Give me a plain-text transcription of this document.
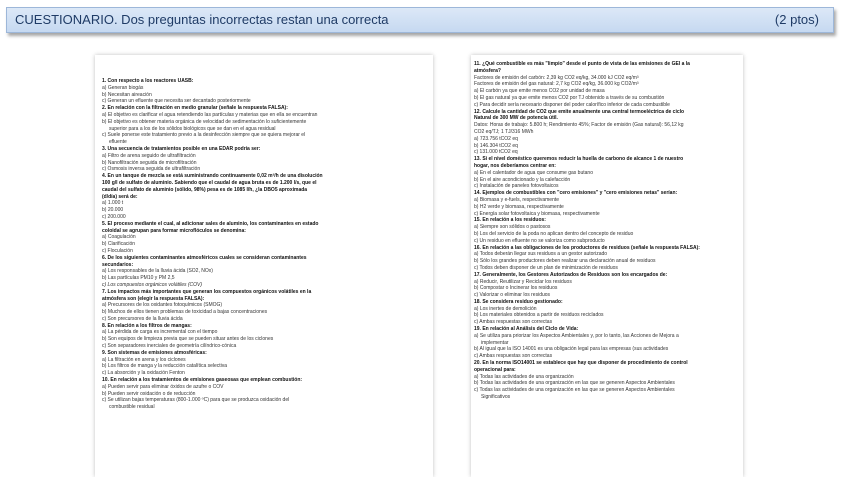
CUESTIONARIO. Dos preguntas incorrectas restan una correcta	(2 ptos)
1. Con respecto a los reactores UASB:
a) Generan biogás
b) Necesitan aireación
c) Generan un efluente que necesita ser decantado posteriormente
2. En relación con la filtración en medio granular (señale la respuesta FALSA):
a) El objetivo es clarificar el agua retendiendo las partículas y materias que en ella se encuentran
b) El objetivo es obtener materia orgánica de velocidad de sedimentación lo suficientemente
superior para a los de los sólidos biológicos que se dan en el agua residual
c) Suele ponerse este tratamiento previo a la desinfección siempre que se quiera mejorar el
efluente
3. Una secuencia de tratamientos posible en una EDAR podría ser:
a) Filtro de arena seguido de ultrafiltración
b) Nanofiltración seguida de microfiltración
c) Ósmosis inversa seguida de ultrafiltración
4. En un tanque de mezcla se está suministrando continuamente 0,02 m³/h de una disolución
100 g/l de sulfato de aluminio. Sabiendo que el caudal de agua bruta es de 1.200 l/s, que el
caudal del sulfato de aluminio (sólido, 98%) pesa es de 1085 l/h, ¿la DBO5 aproximada
(d/día) será de:
a) 1.000 t
b) 20.000
c) 200.000
5. El proceso mediante el cual, al adicionar sales de aluminio, los contaminantes en estado
coloidal se agrupan para formar microflóculos se denomina:
a) Coagulación
b) Clarificación
c) Floculación
6. De los siguientes contaminantes atmosféricos cuales se consideran contaminantes
secundarios:
a) Los responsables de la lluvia ácida (SO2, NOx)
b) Las partículas PM10 y PM 2,5
c) Los compuestos orgánicos volátiles (COV)
7. Los impactos más importantes que generan los compuestos orgánicos volátiles en la
atmósfera son (elegir la respuesta FALSA):
a) Precursores de los oxidantes fotoquímicos (SMOG)
b) Muchos de ellos tienen problemas de toxicidad a bajas concentraciones
c) Son precursores de la lluvia ácida
8. En relación a los filtros de mangas:
a) La pérdida de carga es incremental con el tiempo
b) Son equipos de limpieza previa que se pueden situar antes de los ciclones
c) Son separadores inerciales de geometría cilíndrico-cónica
9. Son sistemas de emisiones atmosféricas:
a) La filtración en arena y los ciclones
b) Los filtros de manga y la reducción catalítica selectiva
c) La absorción y la oxidación Fenton
10. En relación a los tratamientos de emisiones gaseosas que emplean combustión:
a) Pueden servir para eliminar óxidos de azufre o COV
b) Pueden servir oxidación o de reducción
c) Se utilizan bajas temperaturas (800-1.000 ºC) para que se produzca oxidación del
combustible residual
11. ¿Qué combustible es más "limpio" desde el punto de vista de las emisiones de GEI a la
atmósfera?
Factores de emisión del carbón: 2,39 kg CO2 eq/kg, 34.000 kJ CO2 eq/m³
Factores de emisión del gas natural: 2,7 kg CO2 eq/kg, 36.000 kg CO2/m³
a) El carbón ya que emite menos CO2 por unidad de masa
b) El gas natural ya que emite menos CO2 por TJ obtenido a través de su combustión
c) Para decidir sería necesario disponer del poder calorífico inferior de cada combustible
12. Calcule la cantidad de CO2 que emite anualmente una central termoeléctrica de ciclo
Natural de 300 MW de potencia útil.
Datos: Horas de trabajo: 5.800 h; Rendimiento 45%; Factor de emisión (Gas natural): 56,12 kg
CO2 eq/TJ; 1 TJ/316 MWh
a) 723.756 tCO2 eq
b) 146.304 tCO2 eq
c) 131.000 tCO2 eq
13. Si el nivel doméstico queremos reducir la huella de carbono de alcance 1 de nuestro
hogar, nos deberíamos centrar en:
a) En el calentador de agua que consume gas butano
b) En el aire acondicionado y la calefacción
c) Instalación de paneles fotovoltaicos
14. Ejemplos de combustibles con "cero emisiones" y "cero emisiones netas" serían:
a) Biomasa y e-fuels, respectivamente
b) H2 verde y biomasa, respectivamente
c) Energía solar fotovoltaica y biomasa, respectivamente
15. En relación a los residuos:
a) Siempre son sólidos o pastosos
b) Los del servicio de la poda no aplican dentro del concepto de residuo
c) Un residuo en efluente no se valoriza como subproducto
16. En relación a las obligaciones de los productores de residuos (señale la respuesta FALSA):
a) Todos deberán llegar sus residuos a un gestor autorizado
b) Sólo los grandes productores deben realizar una declaración anual de residuos
c) Todos deben disponer de un plan de minimización de residuos
17. Generalmente, los Gestores Autorizados de Residuos son los encargados de:
a) Reducir, Reutilizar y Reciclar los residuos
b) Compostar o Incinerar los residuos
c) Valorizar o eliminar los residuos
18. Se considera residuo gestionado:
a) Los inertes de demolición
b) Los materiales obtenidos a partir de residuos reciclados
c) Ambas respuestas son correctas
19. En relación al Análisis del Ciclo de Vida:
a) Se utiliza para priorizar los Aspectos Ambientales y, por lo tanto, las Acciones de Mejora a
implementar
b) Al igual que la ISO 14001 es una obligación legal para las empresas (sus actividades
c) Ambas respuestas son correctas
20. En la norma ISO14001 se establece que hay que disponer de procedimiento de control
operacional para:
a) Todas las actividades de una organización
b) Todas las actividades de una organización en las que se generen Aspectos Ambientales
c) Todas las actividades de una organización en las que se generen Aspectos Ambientales
Significativos
